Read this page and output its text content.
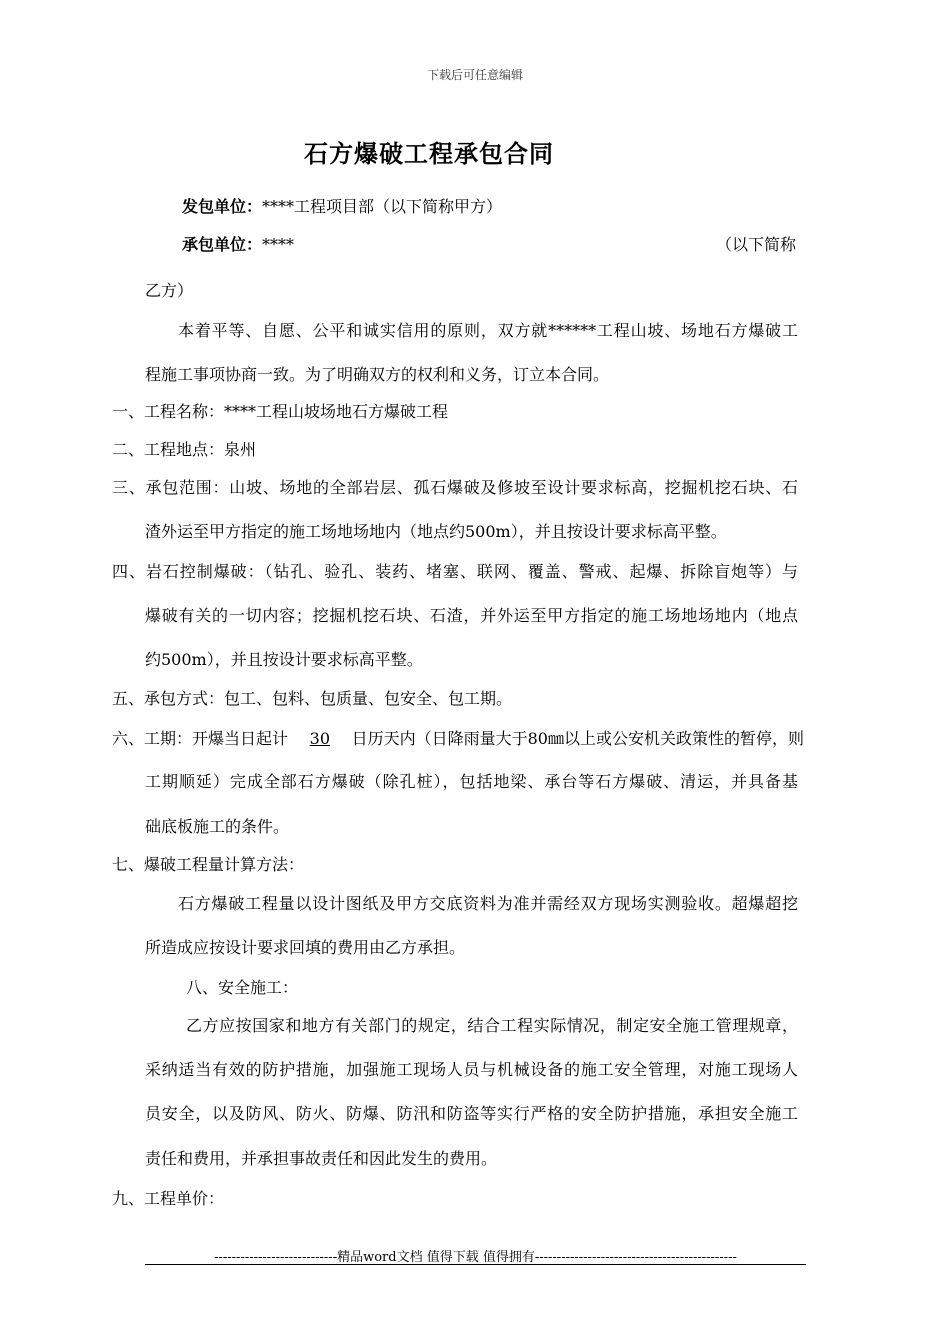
下载后可任意编辑
石方爆破工程承包合同
发包单位：****工程项目部（以下简称甲方）
承包单位：****	（以下简称
乙方）
本着平等、自愿、公平和诚实信用的原则，双方就******工程山坡、场地石方爆破工
程施工事项协商一致。为了明确双方的权利和义务，订立本合同。
一、工程名称：****工程山坡场地石方爆破工程
二、工程地点：泉州
三、承包范围：山坡、场地的全部岩层、孤石爆破及修坡至设计要求标高，挖掘机挖石块、石
渣外运至甲方指定的施工场地场地内（地点约500m），并且按设计要求标高平整。
四、岩石控制爆破：（钻孔、验孔、装药、堵塞、联网、覆盖、警戒、起爆、拆除盲炮等）与
爆破有关的一切内容；挖掘机挖石块、石渣，并外运至甲方指定的施工场地场地内（地点
约500m），并且按设计要求标高平整。
五、承包方式：包工、包料、包质量、包安全、包工期。
六、工期：开爆当日起计 30 日历天内（日降雨量大于80㎜以上或公安机关政策性的暂停，则
工期顺延）完成全部石方爆破（除孔桩），包括地梁、承台等石方爆破、清运，并具备基
础底板施工的条件。
七、爆破工程量计算方法：
石方爆破工程量以设计图纸及甲方交底资料为准并需经双方现场实测验收。超爆超挖
所造成应按设计要求回填的费用由乙方承担。
八、安全施工：
乙方应按国家和地方有关部门的规定，结合工程实际情况，制定安全施工管理规章，
采纳适当有效的防护措施，加强施工现场人员与机械设备的施工安全管理，对施工现场人
员安全，以及防风、防火、防爆、防汛和防盗等实行严格的安全防护措施，承担安全施工
责任和费用，并承担事故责任和因此发生的费用。
九、工程单价：
----------------------------精品word文档 值得下载 值得拥有----------------------------------------------
